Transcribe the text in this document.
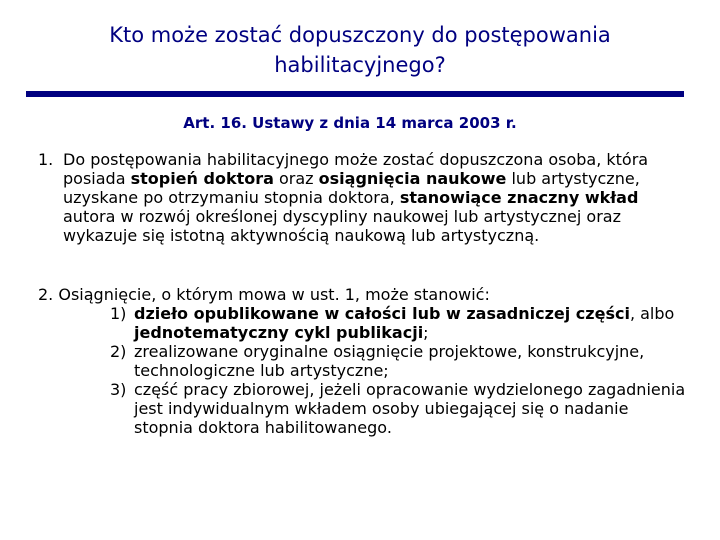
Kto może zostać dopuszczony do postępowania
habilitacyjnego?
Art. 16. Ustawy z dnia 14 marca 2003 r.
1. Do postępowania habilitacyjnego może zostać dopuszczona osoba, która posiada stopień doktora oraz osiągnięcia naukowe lub artystyczne, uzyskane po otrzymaniu stopnia doktora, stanowiące znaczny wkład autora w rozwój określonej dyscypliny naukowej lub artystycznej oraz wykazuje się istotną aktywnością naukową lub artystyczną.
2. Osiągnięcie, o którym mowa w ust. 1, może stanowić:
1) dzieło opublikowane w całości lub w zasadniczej części, albo jednotematyczny cykl publikacji;
2) zrealizowane oryginalne osiągnięcie projektowe, konstrukcyjne, technologiczne lub artystyczne;
3) część pracy zbiorowej, jeżeli opracowanie wydzielonego zagadnienia jest indywidualnym wkładem osoby ubiegającej się o nadanie stopnia doktora habilitowanego.
